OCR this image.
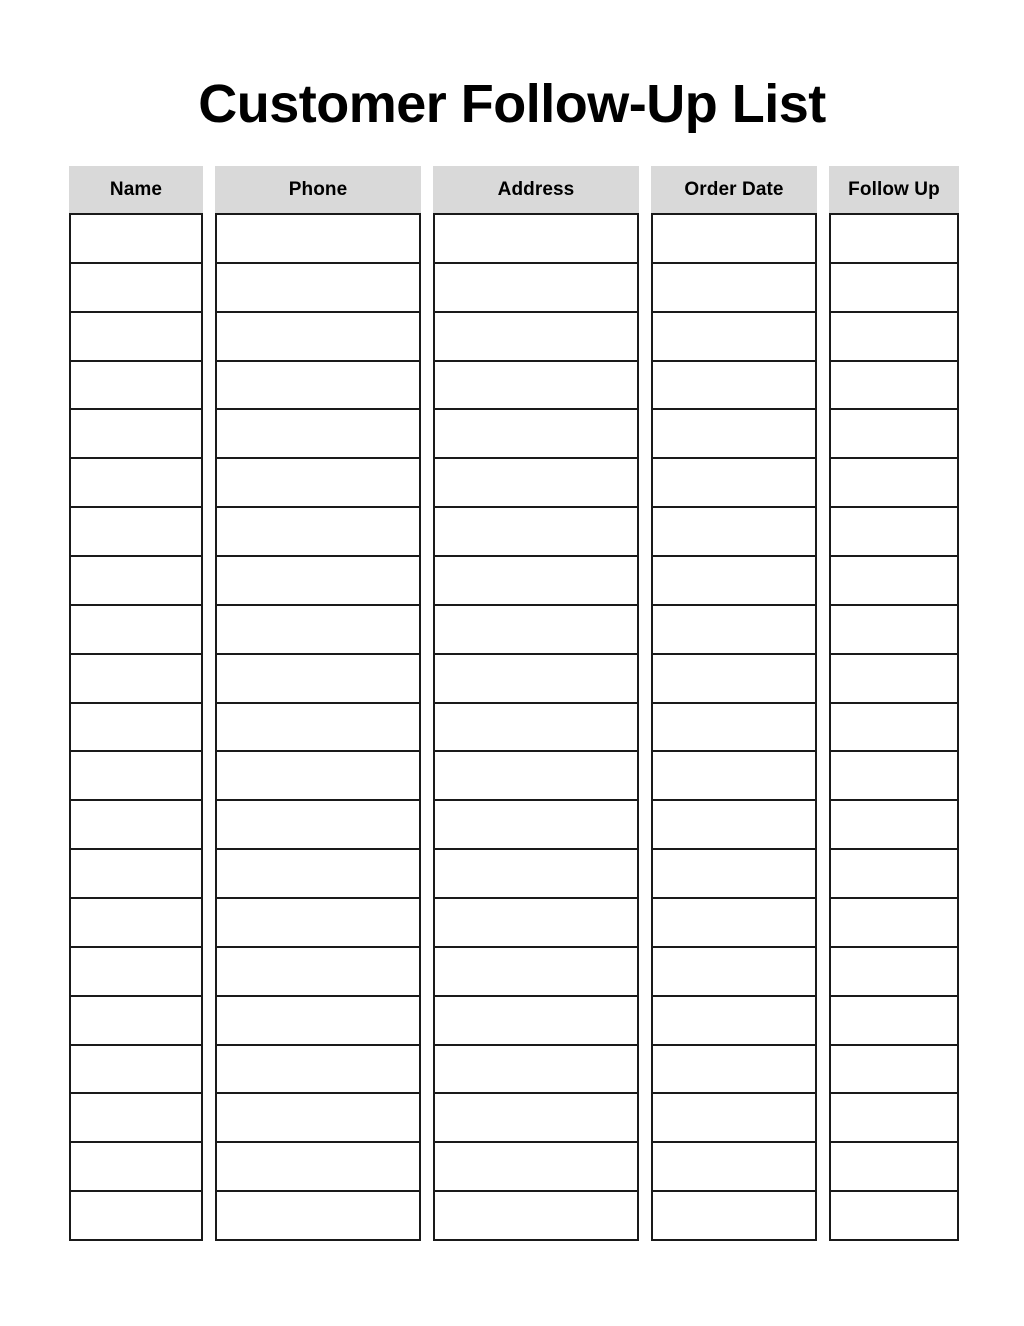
Customer Follow-Up List
Name	Phone	Address	Order Date	Follow Up
